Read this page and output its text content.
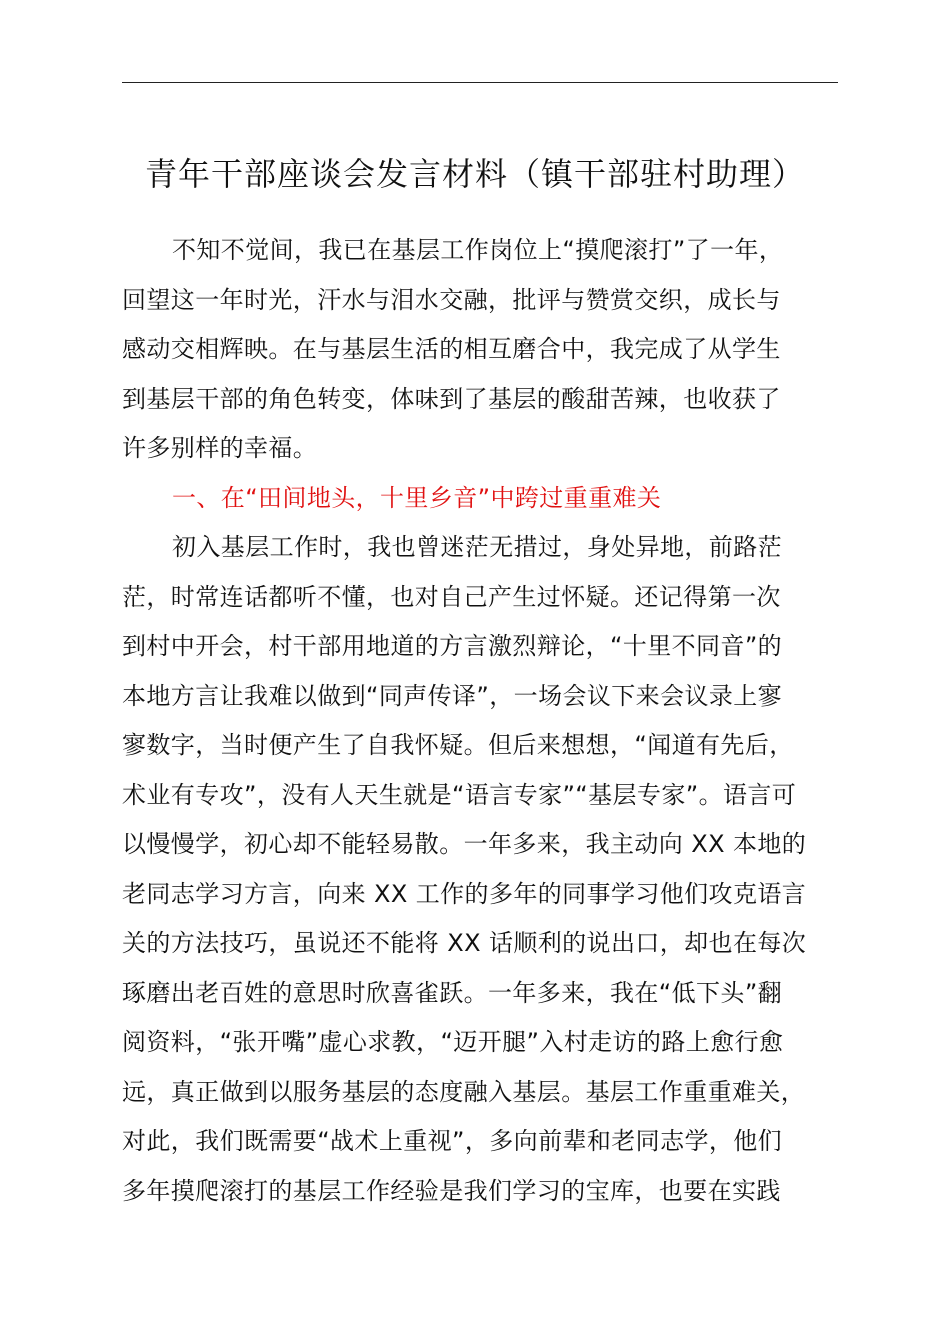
青年干部座谈会发言材料（镇干部驻村助理）
不知不觉间，我已在基层工作岗位上“摸爬滚打”了一年，
回望这一年时光，汗水与泪水交融，批评与赞赏交织，成长与
感动交相辉映。在与基层生活的相互磨合中，我完成了从学生
到基层干部的角色转变，体味到了基层的酸甜苦辣，也收获了
许多别样的幸福。
一、在“田间地头，十里乡音”中跨过重重难关
初入基层工作时，我也曾迷茫无措过，身处异地，前路茫
茫，时常连话都听不懂，也对自己产生过怀疑。还记得第一次
到村中开会，村干部用地道的方言激烈辩论，“十里不同音”的
本地方言让我难以做到“同声传译”，一场会议下来会议录上寥
寥数字，当时便产生了自我怀疑。但后来想想，“闻道有先后，
术业有专攻”，没有人天生就是“语言专家”“基层专家”。语言可
以慢慢学，初心却不能轻易散。一年多来，我主动向 XX 本地的
老同志学习方言，向来 XX 工作的多年的同事学习他们攻克语言
关的方法技巧，虽说还不能将 XX 话顺利的说出口，却也在每次
琢磨出老百姓的意思时欣喜雀跃。一年多来，我在“低下头”翻
阅资料，“张开嘴”虚心求教，“迈开腿”入村走访的路上愈行愈
远，真正做到以服务基层的态度融入基层。基层工作重重难关，
对此，我们既需要“战术上重视”，多向前辈和老同志学，他们
多年摸爬滚打的基层工作经验是我们学习的宝库，也要在实践
